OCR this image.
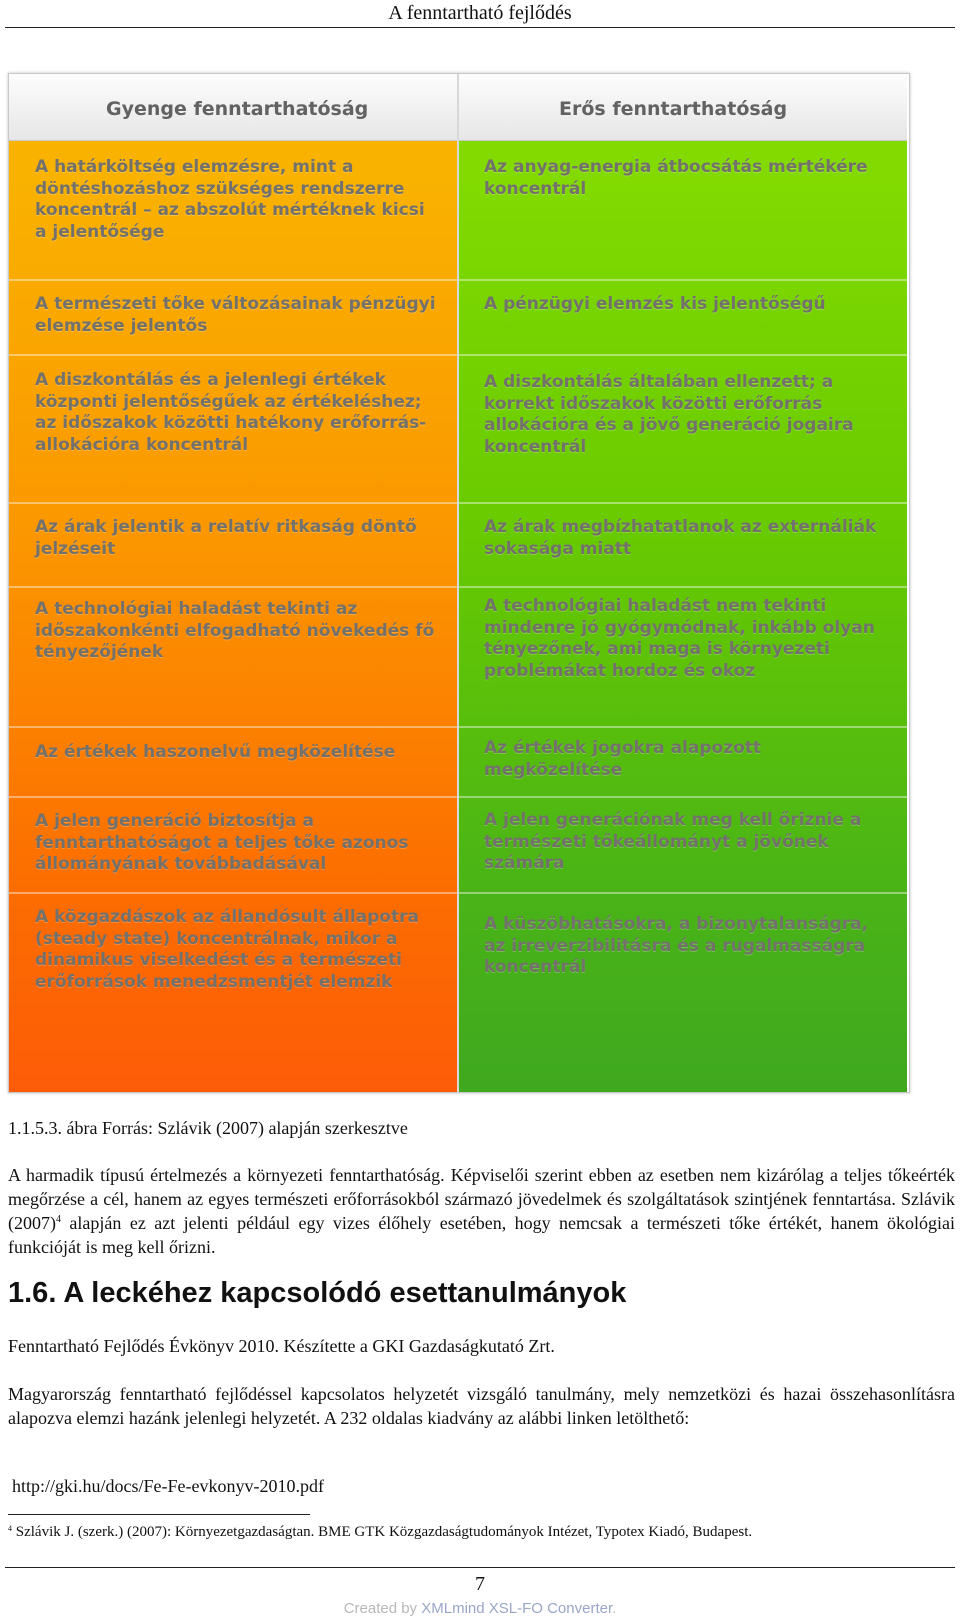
A fenntartható fejlődés
Gyenge fenntarthatóság
A határköltség elemzésre, mint a döntéshozáshoz szükséges rendszerre koncentrál – az abszolút mértéknek kicsi a jelentősége
A természeti tőke változásainak pénzügyi elemzése jelentős
A diszkontálás és a jelenlegi értékek központi jelentőségűek az értékeléshez; az időszakok közötti hatékony erőforrás-allokációra koncentrál
Az árak jelentik a relatív ritkaság döntő jelzéseit
A technológiai haladást tekinti az időszakonkénti elfogadható növekedés fő tényezőjének
Az értékek haszonelvű megközelítése
A jelen generáció biztosítja a fenntarthatóságot a teljes tőke azonos állományának továbbadásával
A közgazdászok az állandósult állapotra (steady state) koncentrálnak, mikor a dinamikus viselkedést és a természeti erőforrások menedzsmentjét elemzik
Erős fenntarthatóság
Az anyag-energia átbocsátás mértékére koncentrál
A pénzügyi elemzés kis jelentőségű
A diszkontálás általában ellenzett; a korrekt időszakok közötti erőforrás allokációra és a jövő generáció jogaira koncentrál
Az árak megbízhatatlanok az externáliák sokasága miatt
A technológiai haladást nem tekinti mindenre jó gyógymódnak, inkább olyan tényezőnek, ami maga is környezeti problémákat hordoz és okoz
Az értékek jogokra alapozott megközelítése
A jelen generációnak meg kell őriznie a természeti tőkeállományt a jövőnek számára
A küszöbhatásokra, a bizonytalanságra, az irreverzibilitásra és a rugalmasságra koncentrál
1.1.5.3. ábra Forrás: Szlávik (2007) alapján szerkesztve
A harmadik típusú értelmezés a környezeti fenntarthatóság. Képviselői szerint ebben az esetben nem kizárólag a teljes tőkeérték megőrzése a cél, hanem az egyes természeti erőforrásokból származó jövedelmek és szolgáltatások szintjének fenntartása. Szlávik $(2007)^4$ alapján ez azt jelenti például egy vizes élőhely esetében, hogy nemcsak a természeti tőke értékét, hanem ökológiai funkcióját is meg kell őrizni.
1.6. A leckéhez kapcsolódó esettanulmányok
Fenntartható Fejlődés Évkönyv 2010. Készítette a GKI Gazdaságkutató Zrt.
Magyarország fenntartható fejlődéssel kapcsolatos helyzetét vizsgáló tanulmány, mely nemzetközi és hazai összehasonlításra alapozva elemzi hazánk jelenlegi helyzetét. A 232 oldalas kiadvány az alábbi linken letölthető:
http://gki.hu/docs/Fe-Fe-evkonyv-2010.pdf
$^4$ Szlávik J. (szerk.) (2007): Környezetgazdaságtan. BME GTK Közgazdaságtudományok Intézet, Typotex Kiadó, Budapest.
7
Created by XMLmind XSL-FO Converter.
